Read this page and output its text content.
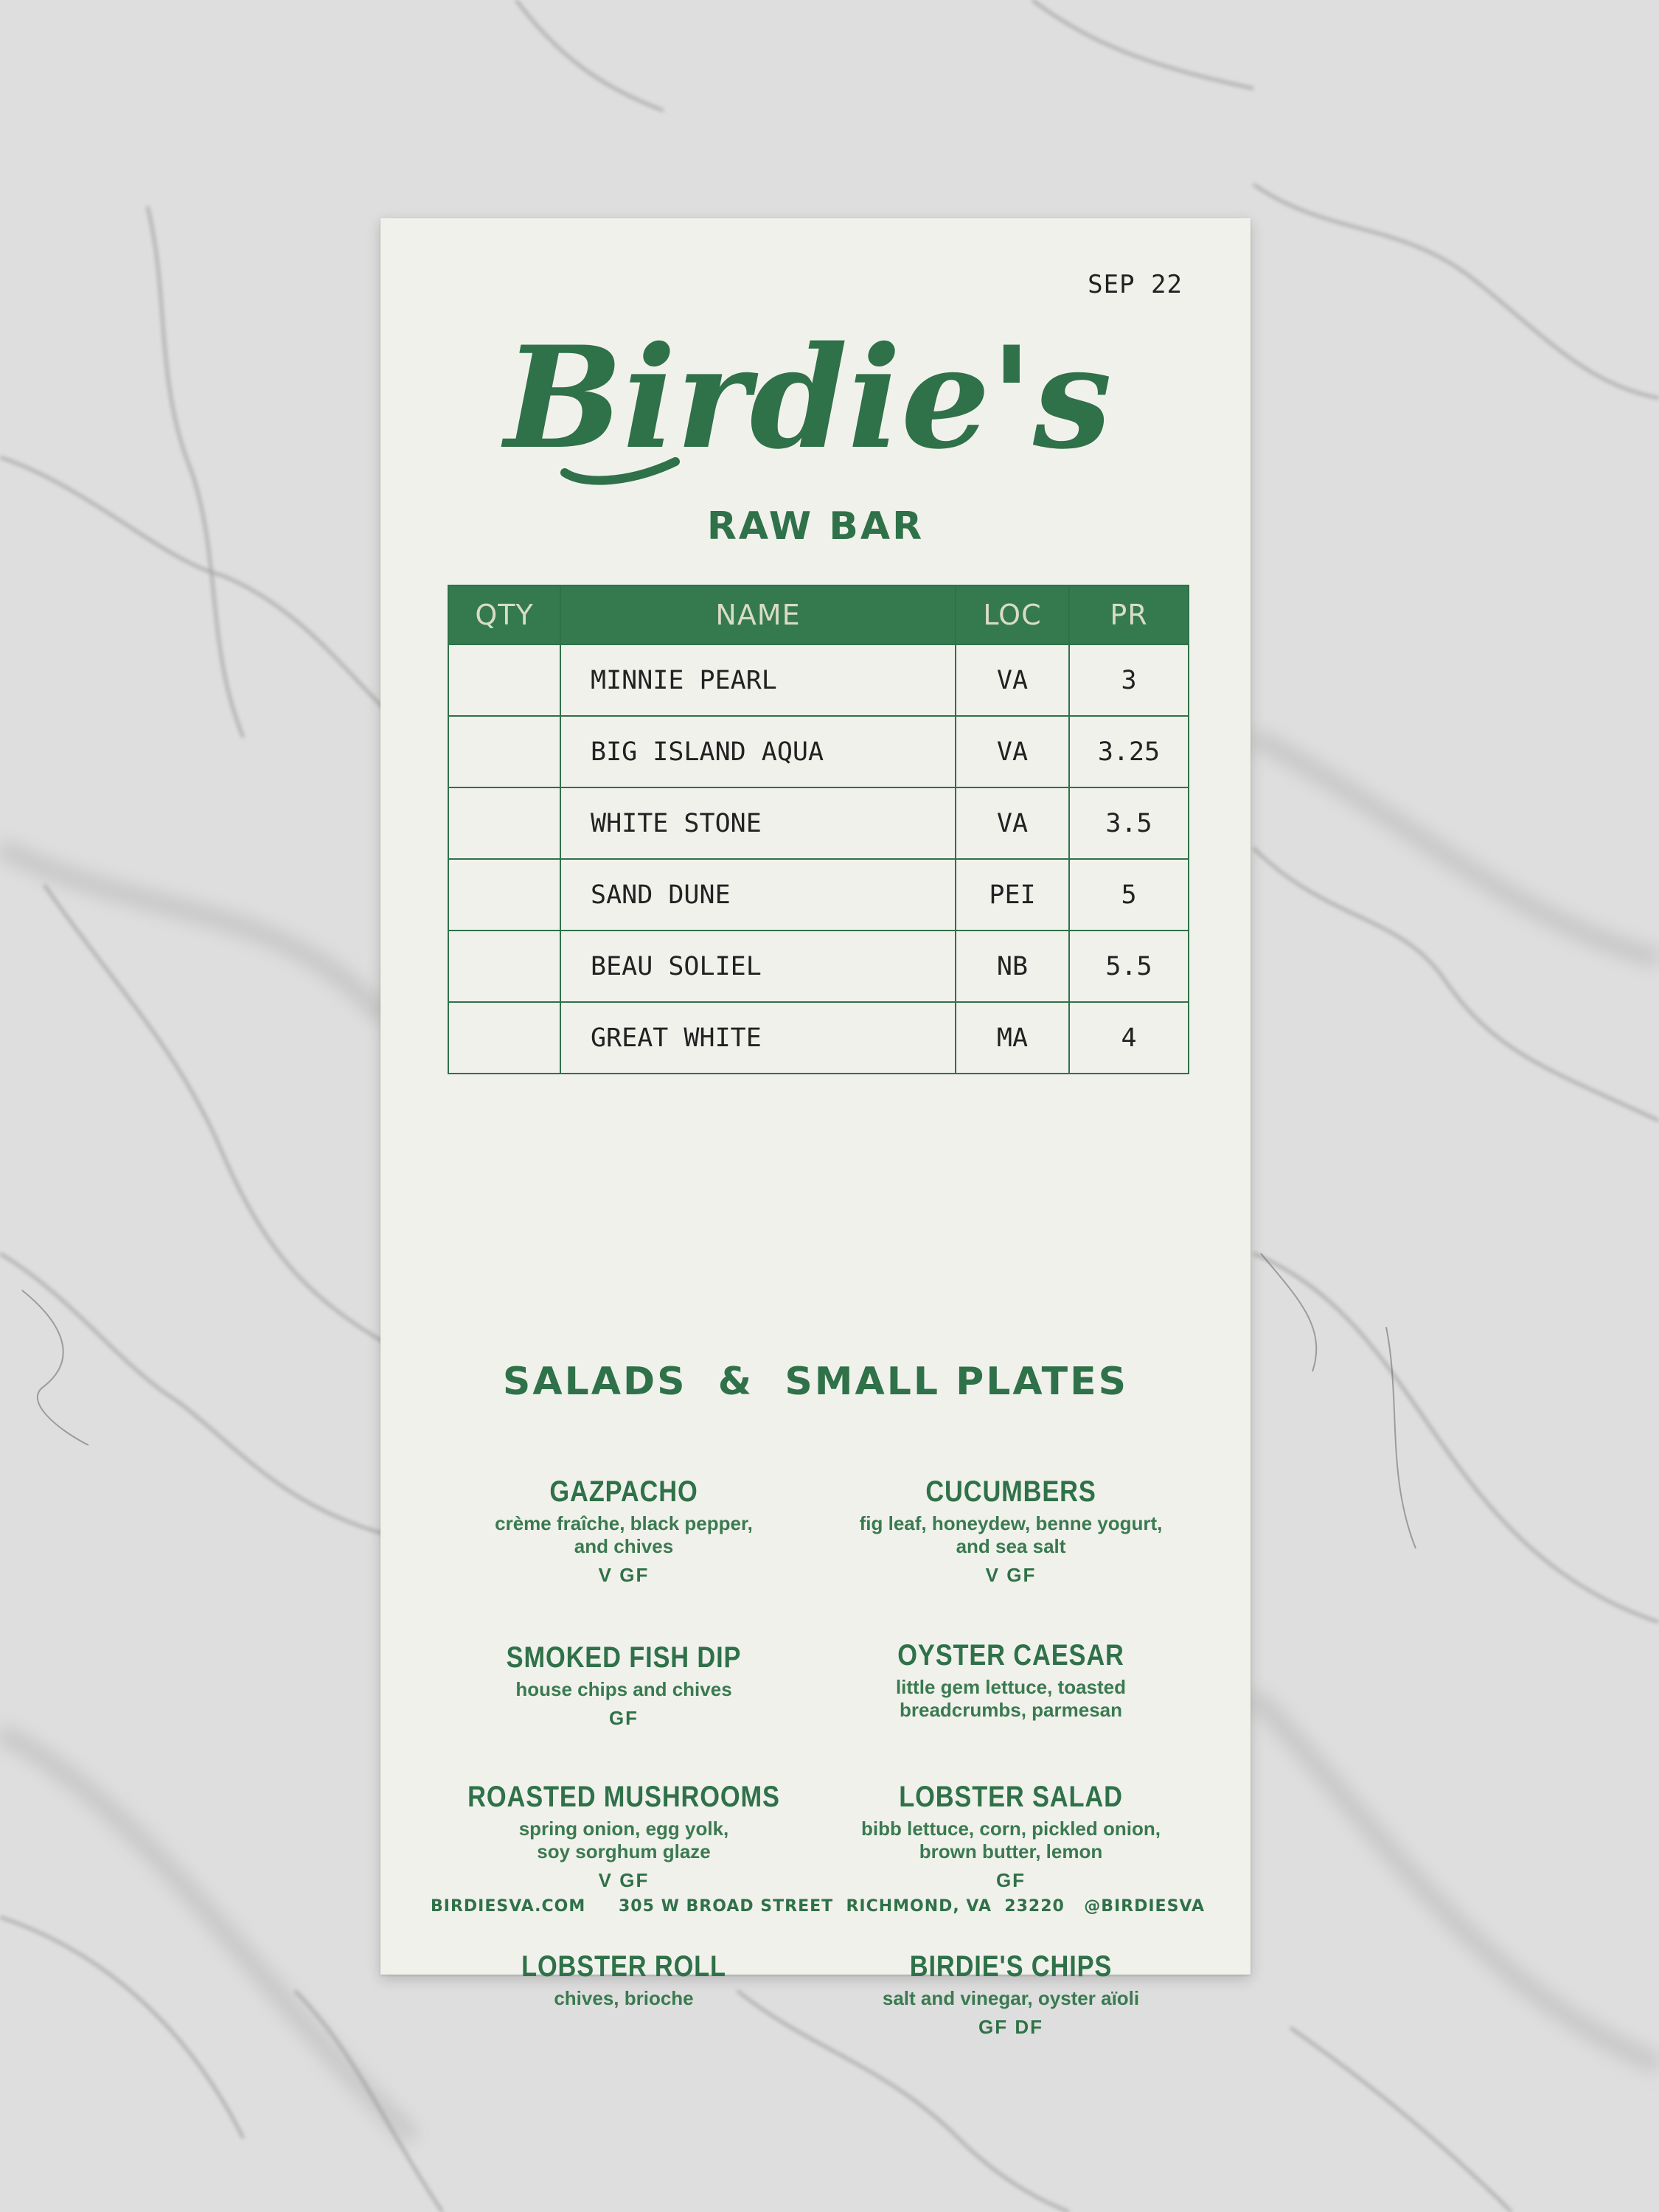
SEP 22
Birdie's
RAW BAR
QTY	NAME	LOC	PR
	MINNIE PEARL	VA	3
	BIG ISLAND AQUA	VA	3.25
	WHITE STONE	VA	3.5
	SAND DUNE	PEI	5
	BEAU SOLIEL	NB	5.5
	GREAT WHITE	MA	4
SALADS  &  SMALL PLATES
GAZPACHO
crème fraîche, black pepper,
and chives
V GF
CUCUMBERS
fig leaf, honeydew, benne yogurt,
and sea salt
V GF
SMOKED FISH DIP
house chips and chives
GF
OYSTER CAESAR
little gem lettuce, toasted
breadcrumbs, parmesan
ROASTED MUSHROOMS
spring onion, egg yolk,
soy sorghum glaze
V GF
LOBSTER SALAD
bibb lettuce, corn, pickled onion,
brown butter, lemon
GF
LOBSTER ROLL
chives, brioche
BIRDIE'S CHIPS
salt and vinegar, oyster aïoli
GF DF
BIRDIESVA.COM 305 W BROAD STREET  RICHMOND, VA  23220 @BIRDIESVA
